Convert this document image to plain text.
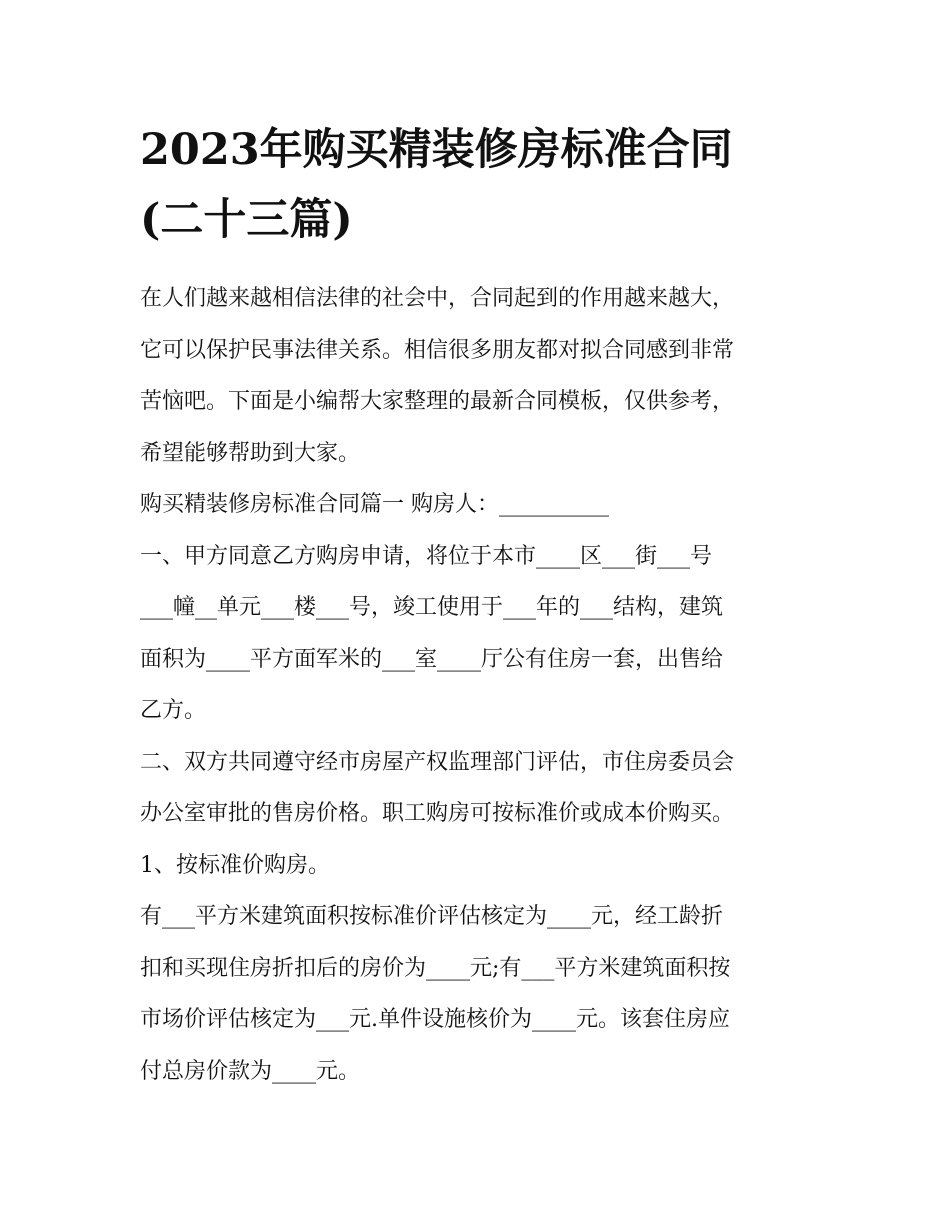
2023年购买精装修房标准合同
(二十三篇)
在人们越来越相信法律的社会中，合同起到的作用越来越大，
它可以保护民事法律关系。相信很多朋友都对拟合同感到非常
苦恼吧。下面是小编帮大家整理的最新合同模板，仅供参考，
希望能够帮助到大家。
购买精装修房标准合同篇一 购房人：__________
一、甲方同意乙方购房申请，将位于本市____区___街___号
___幢__单元___楼___号，竣工使用于___年的___结构，建筑
面积为____平方面军米的___室____厅公有住房一套，出售给
乙方。
二、双方共同遵守经市房屋产权监理部门评估，市住房委员会
办公室审批的售房价格。职工购房可按标准价或成本价购买。
1、按标准价购房。
有___平方米建筑面积按标准价评估核定为____元，经工龄折
扣和买现住房折扣后的房价为____元;有___平方米建筑面积按
市场价评估核定为___元.单件设施核价为____元。该套住房应
付总房价款为____元。
